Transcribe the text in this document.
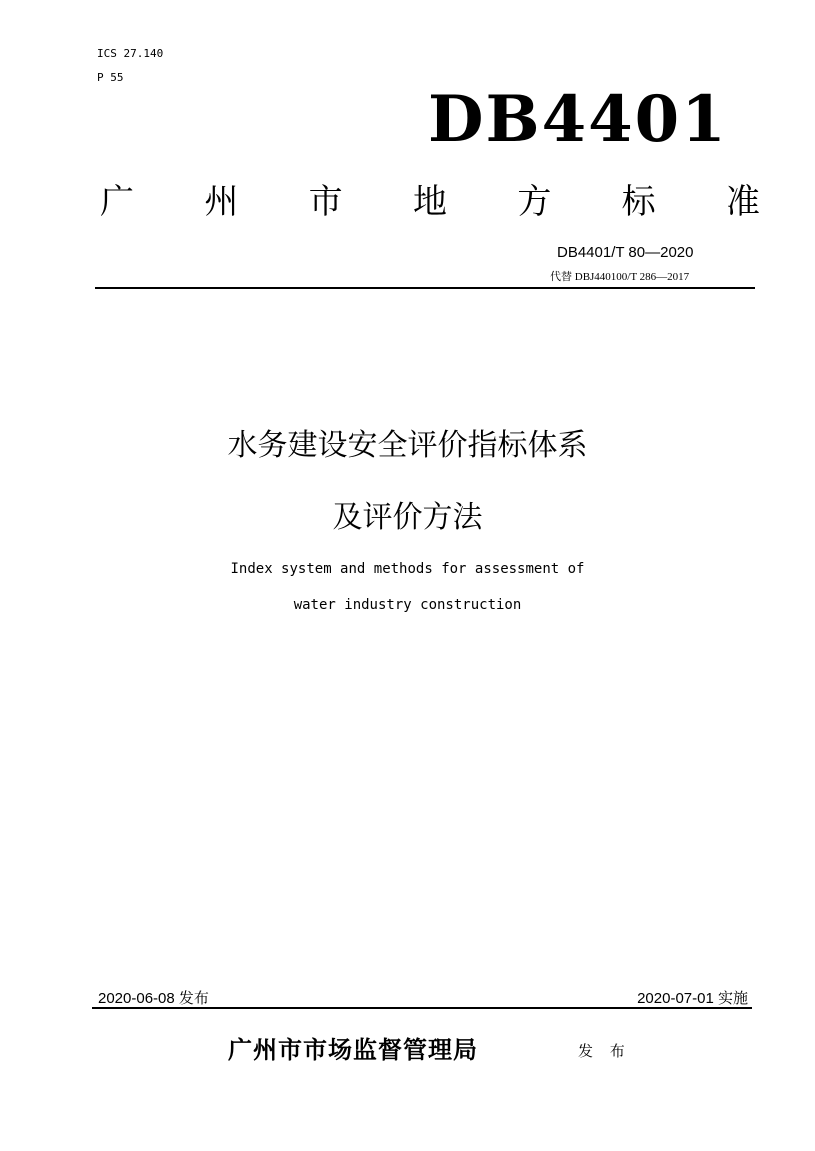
ICS 27.140
P 55
DB4401
广 州 市 地 方 标 准
DB4401/T 80—2020
代替 DBJ440100/T 286—2017
水务建设安全评价指标体系
及评价方法
Index system and methods for assessment of
water industry construction
2020-06-08 发布	2020-07-01 实施
广州市市场监督管理局	发 布
